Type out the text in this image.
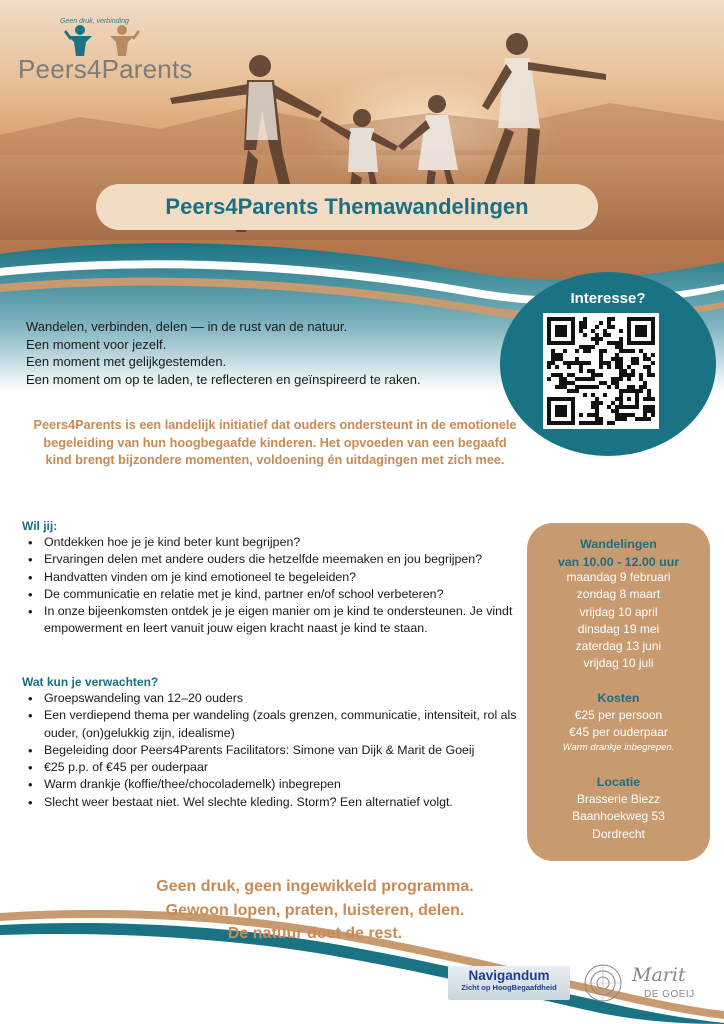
Geen druk, verbinding
Peers4Parents
Peers4Parents Themawandelingen
Interesse?
Wandelen, verbinden, delen — in de rust van de natuur.
Een moment voor jezelf.
Een moment met gelijkgestemden.
Een moment om op te laden, te reflecteren en geïnspireerd te raken.
Peers4Parents is een landelijk initiatief dat ouders ondersteunt in de emotionele begeleiding van hun hoogbegaafde kinderen. Het opvoeden van een begaafd kind brengt bijzondere momenten, voldoening én uitdagingen met zich mee.
Wil jij:
• Ontdekken hoe je je kind beter kunt begrijpen?
• Ervaringen delen met andere ouders die hetzelfde meemaken en jou begrijpen?
• Handvatten vinden om je kind emotioneel te begeleiden?
• De communicatie en relatie met je kind, partner en/of school verbeteren?
• In onze bijeenkomsten ontdek je je eigen manier om je kind te ondersteunen. Je vindt empowerment en leert vanuit jouw eigen kracht naast je kind te staan.
Wat kun je verwachten?
• Groepswandeling van 12–20 ouders
• Een verdiepend thema per wandeling (zoals grenzen, communicatie, intensiteit, rol als ouder, (on)gelukkig zijn, idealisme)
• Begeleiding door Peers4Parents Facilitators: Simone van Dijk & Marit de Goeij
• €25 p.p. of €45 per ouderpaar
• Warm drankje (koffie/thee/chocolademelk) inbegrepen
• Slecht weer bestaat niet. Wel slechte kleding. Storm? Een alternatief volgt.
Wandelingen
van 10.00 - 12.00 uur
maandag 9 februari
zondag 8 maart
vrijdag 10 april
dinsdag 19 mei
zaterdag 13 juni
vrijdag 10 juli
Kosten
€25 per persoon
€45 per ouderpaar
Warm drankje inbegrepen.
Locatie
Brasserie Biezz
Baanhoekweg 53
Dordrecht
Geen druk, geen ingewikkeld programma.
Gewoon lopen, praten, luisteren, delen.
De natuur doet de rest.
Navigandum
Zicht op HoogBegaafdheid
Marit
DE GOEIJ
